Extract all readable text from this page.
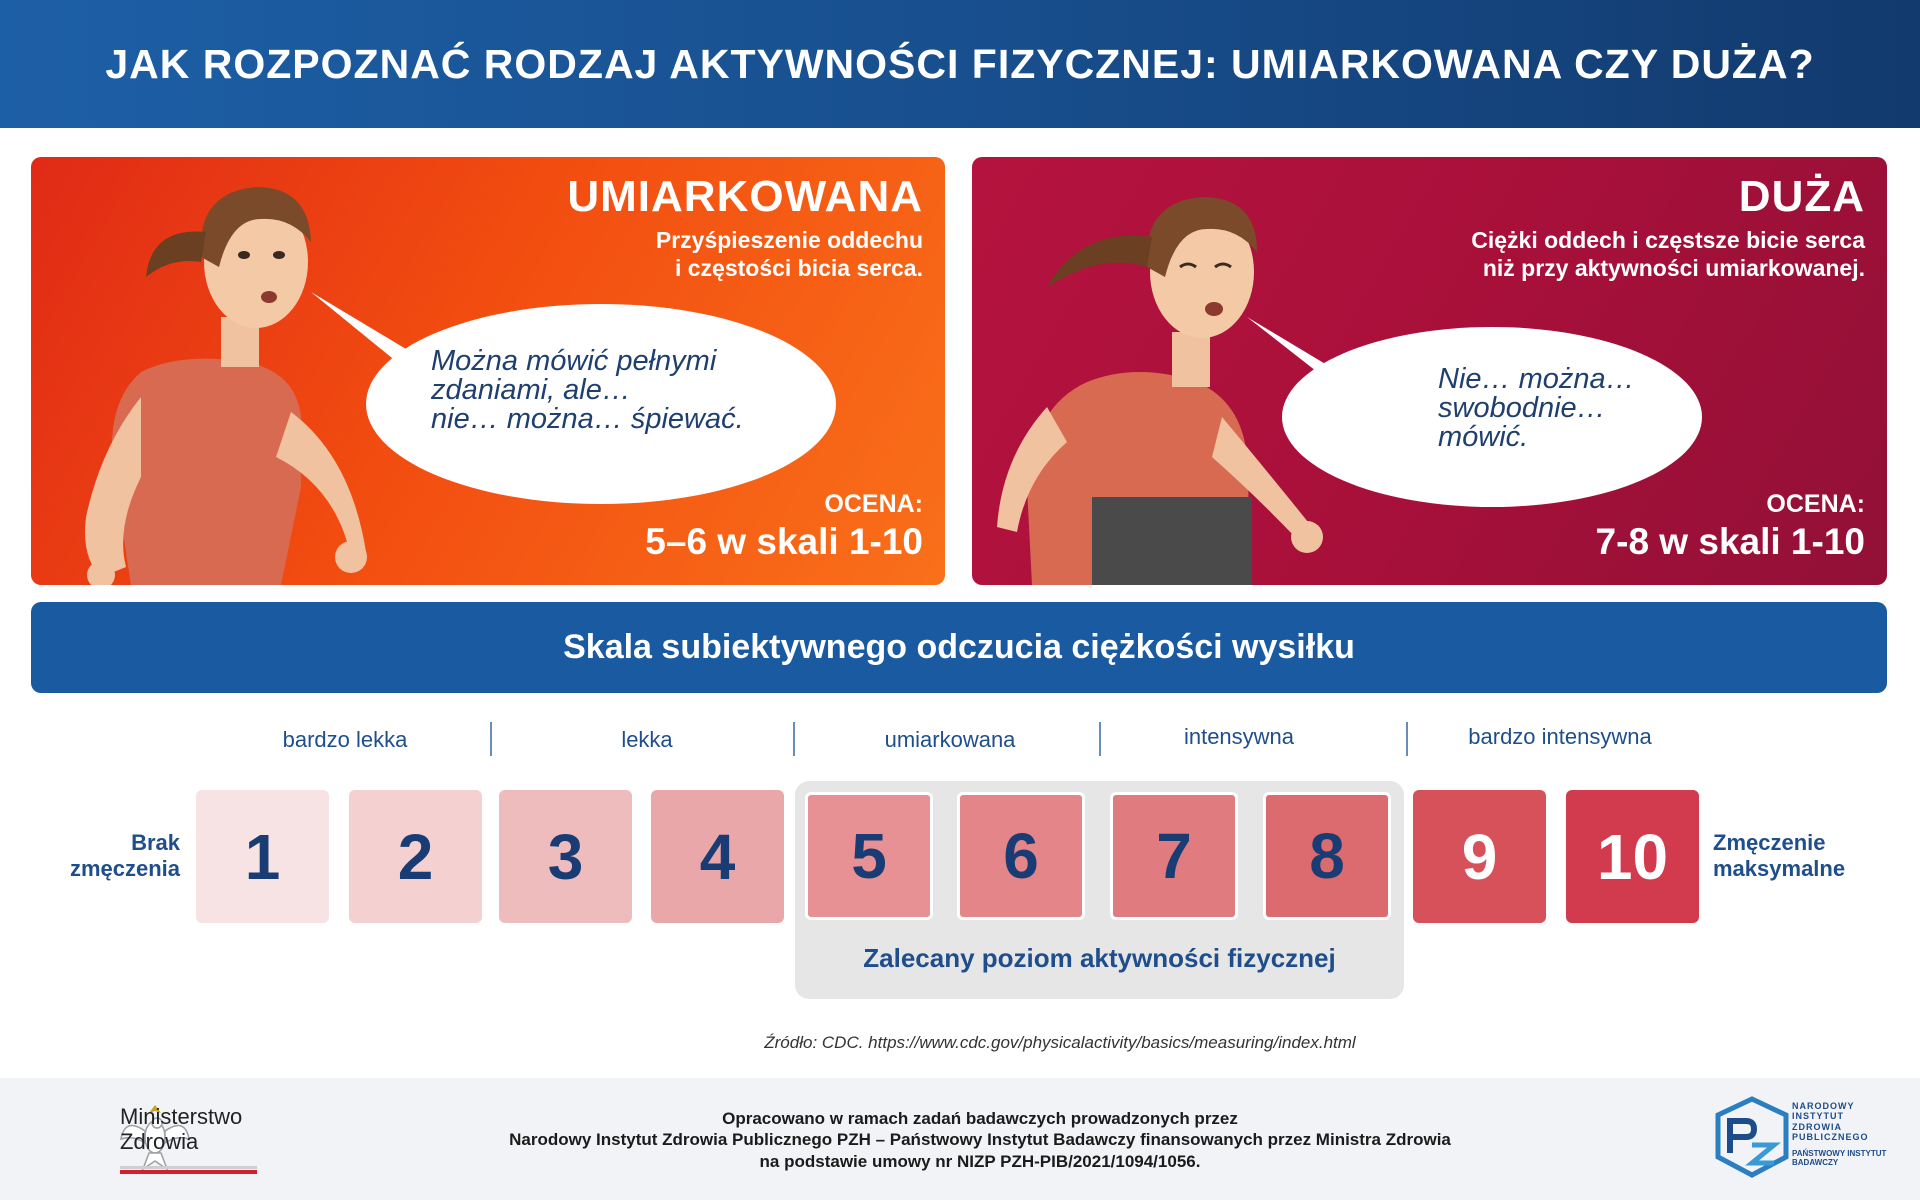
JAK ROZPOZNAĆ RODZAJ AKTYWNOŚCI FIZYCZNEJ: UMIARKOWANA CZY DUŻA?
UMIARKOWANA
Przyśpieszenie oddechu
i częstości bicia serca.
Można mówić pełnymi
zdaniami, ale…
nie… można… śpiewać.
OCENA:
5–6 w skali 1-10
DUŻA
Ciężki oddech i częstsze bicie serca
niż przy aktywności umiarkowanej.
Nie… można…
swobodnie…
mówić.
OCENA:
7-8 w skali 1-10
Skala subiektywnego odczucia ciężkości wysiłku
bardzo lekka	lekka	umiarkowana	intensywna	bardzo intensywna
Zalecany poziom aktywności fizycznej
Brak
zmęczenia
Zmęczenie
maksymalne
1	2	3	4	5	6	7	8	9	10
Źródło: CDC. https://www.cdc.gov/physicalactivity/basics/measuring/index.html
Ministerstwo
Zdrowia
Opracowano w ramach zadań badawczych prowadzonych przez
Narodowy Instytut Zdrowia Publicznego PZH – Państwowy Instytut Badawczy finansowanych przez Ministra Zdrowia
na podstawie umowy nr NIZP PZH-PIB/2021/1094/1056.
NARODOWY
INSTYTUT
ZDROWIA
PUBLICZNEGO
PAŃSTWOWY INSTYTUT
BADAWCZY
